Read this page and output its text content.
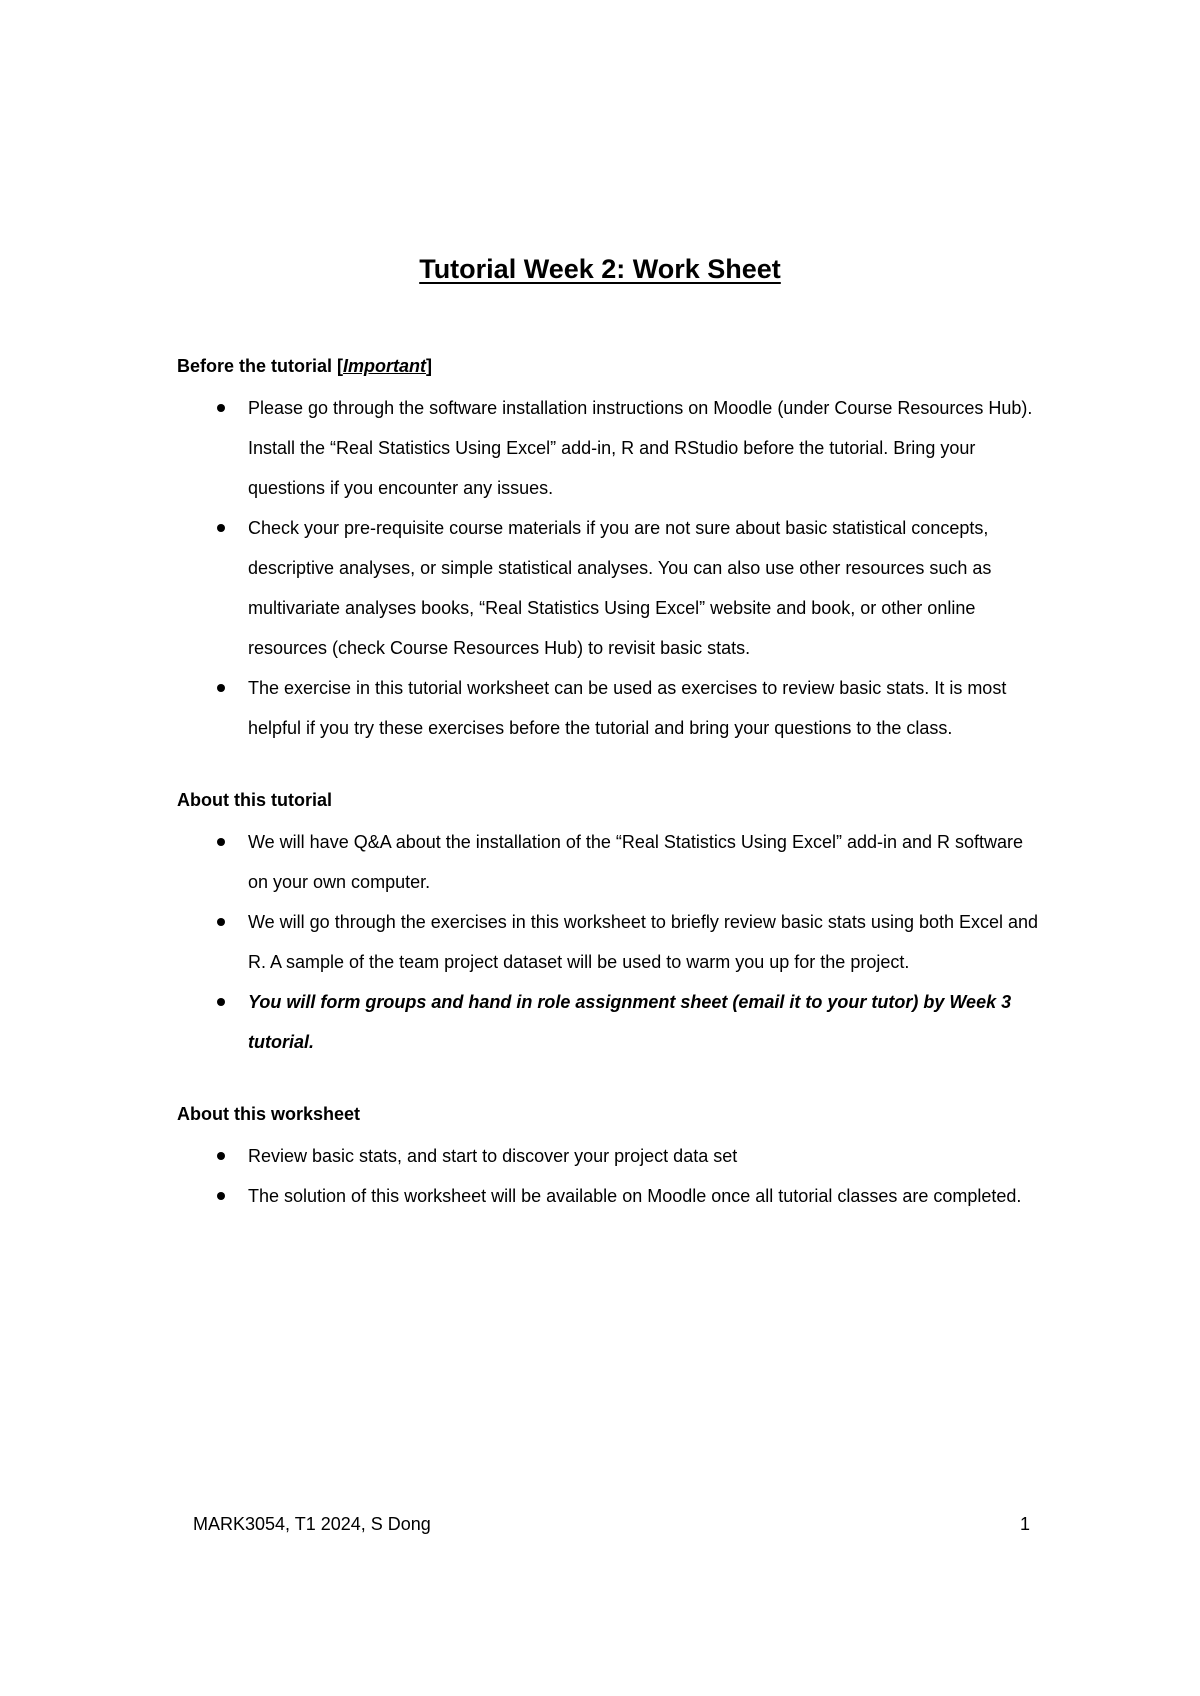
Tutorial Week 2: Work Sheet
Before the tutorial [Important]
Please go through the software installation instructions on Moodle (under Course Resources Hub). Install the “Real Statistics Using Excel” add-in, R and RStudio before the tutorial. Bring your questions if you encounter any issues.
Check your pre-requisite course materials if you are not sure about basic statistical concepts, descriptive analyses, or simple statistical analyses. You can also use other resources such as multivariate analyses books, “Real Statistics Using Excel” website and book, or other online resources (check Course Resources Hub) to revisit basic stats.
The exercise in this tutorial worksheet can be used as exercises to review basic stats. It is most helpful if you try these exercises before the tutorial and bring your questions to the class.
About this tutorial
We will have Q&A about the installation of the “Real Statistics Using Excel” add-in and R software on your own computer.
We will go through the exercises in this worksheet to briefly review basic stats using both Excel and R. A sample of the team project dataset will be used to warm you up for the project.
You will form groups and hand in role assignment sheet (email it to your tutor) by Week 3 tutorial.
About this worksheet
Review basic stats, and start to discover your project data set
The solution of this worksheet will be available on Moodle once all tutorial classes are completed.
MARK3054, T1 2024, S Dong	1
